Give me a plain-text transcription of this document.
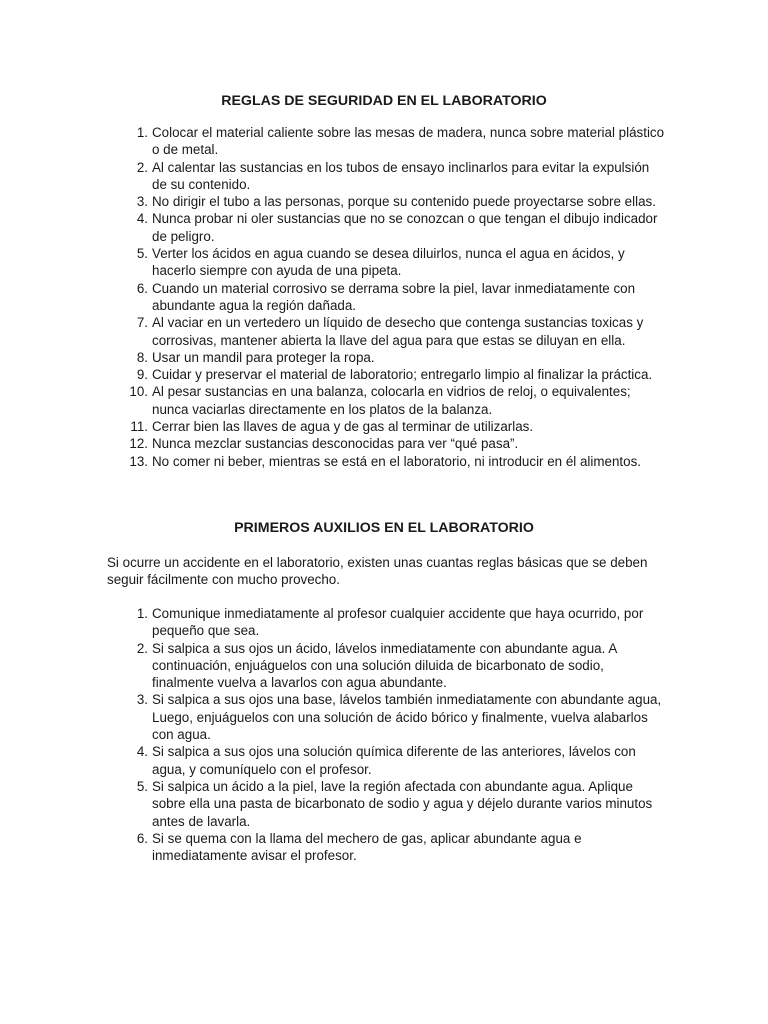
REGLAS DE SEGURIDAD EN EL LABORATORIO
1. Colocar el material caliente sobre las mesas de madera, nunca sobre material plástico o de metal.
2. Al calentar las sustancias en los tubos de ensayo inclinarlos para evitar la expulsión de su contenido.
3. No dirigir el tubo a las personas, porque su contenido puede proyectarse sobre ellas.
4. Nunca probar ni oler sustancias que no se conozcan o que tengan el dibujo indicador de peligro.
5. Verter los ácidos en agua cuando se desea diluirlos, nunca el agua en ácidos, y hacerlo siempre con ayuda de una pipeta.
6. Cuando un material corrosivo se derrama sobre la piel, lavar inmediatamente con abundante agua la región dañada.
7. Al vaciar en un vertedero un líquido de desecho que contenga sustancias toxicas y corrosivas, mantener abierta la llave del agua para que estas se diluyan en ella.
8. Usar un mandil para proteger la ropa.
9. Cuidar y preservar el material de laboratorio; entregarlo limpio al finalizar la práctica.
10. Al pesar sustancias en una balanza, colocarla en vidrios de reloj, o equivalentes; nunca vaciarlas directamente en los platos de la balanza.
11. Cerrar bien las llaves de agua y de gas al terminar de utilizarlas.
12. Nunca mezclar sustancias desconocidas para ver “qué pasa”.
13. No comer ni beber, mientras se está en el laboratorio, ni introducir en él alimentos.
PRIMEROS AUXILIOS EN EL LABORATORIO

Si ocurre un accidente en el laboratorio, existen unas cuantas reglas básicas que se deben seguir fácilmente con mucho provecho.

1. Comunique inmediatamente al profesor cualquier accidente que haya ocurrido, por pequeño que sea.
2. Si salpica a sus ojos un ácido, lávelos inmediatamente con abundante agua. A continuación, enjuáguelos con una solución diluida de bicarbonato de sodio, finalmente vuelva a lavarlos con agua abundante.
3. Si salpica a sus ojos una base, lávelos también inmediatamente con abundante agua, Luego, enjuáguelos con una solución de ácido bórico y finalmente, vuelva alabarlos con agua.
4. Si salpica a sus ojos una solución química diferente de las anteriores, lávelos con agua, y comuníquelo con el profesor.
5. Si salpica un ácido a la piel, lave la región afectada con abundante agua. Aplique sobre ella una pasta de bicarbonato de sodio y agua y déjelo durante varios minutos antes de lavarla.
6. Si se quema con la llama del mechero de gas, aplicar abundante agua e inmediatamente avisar el profesor.
